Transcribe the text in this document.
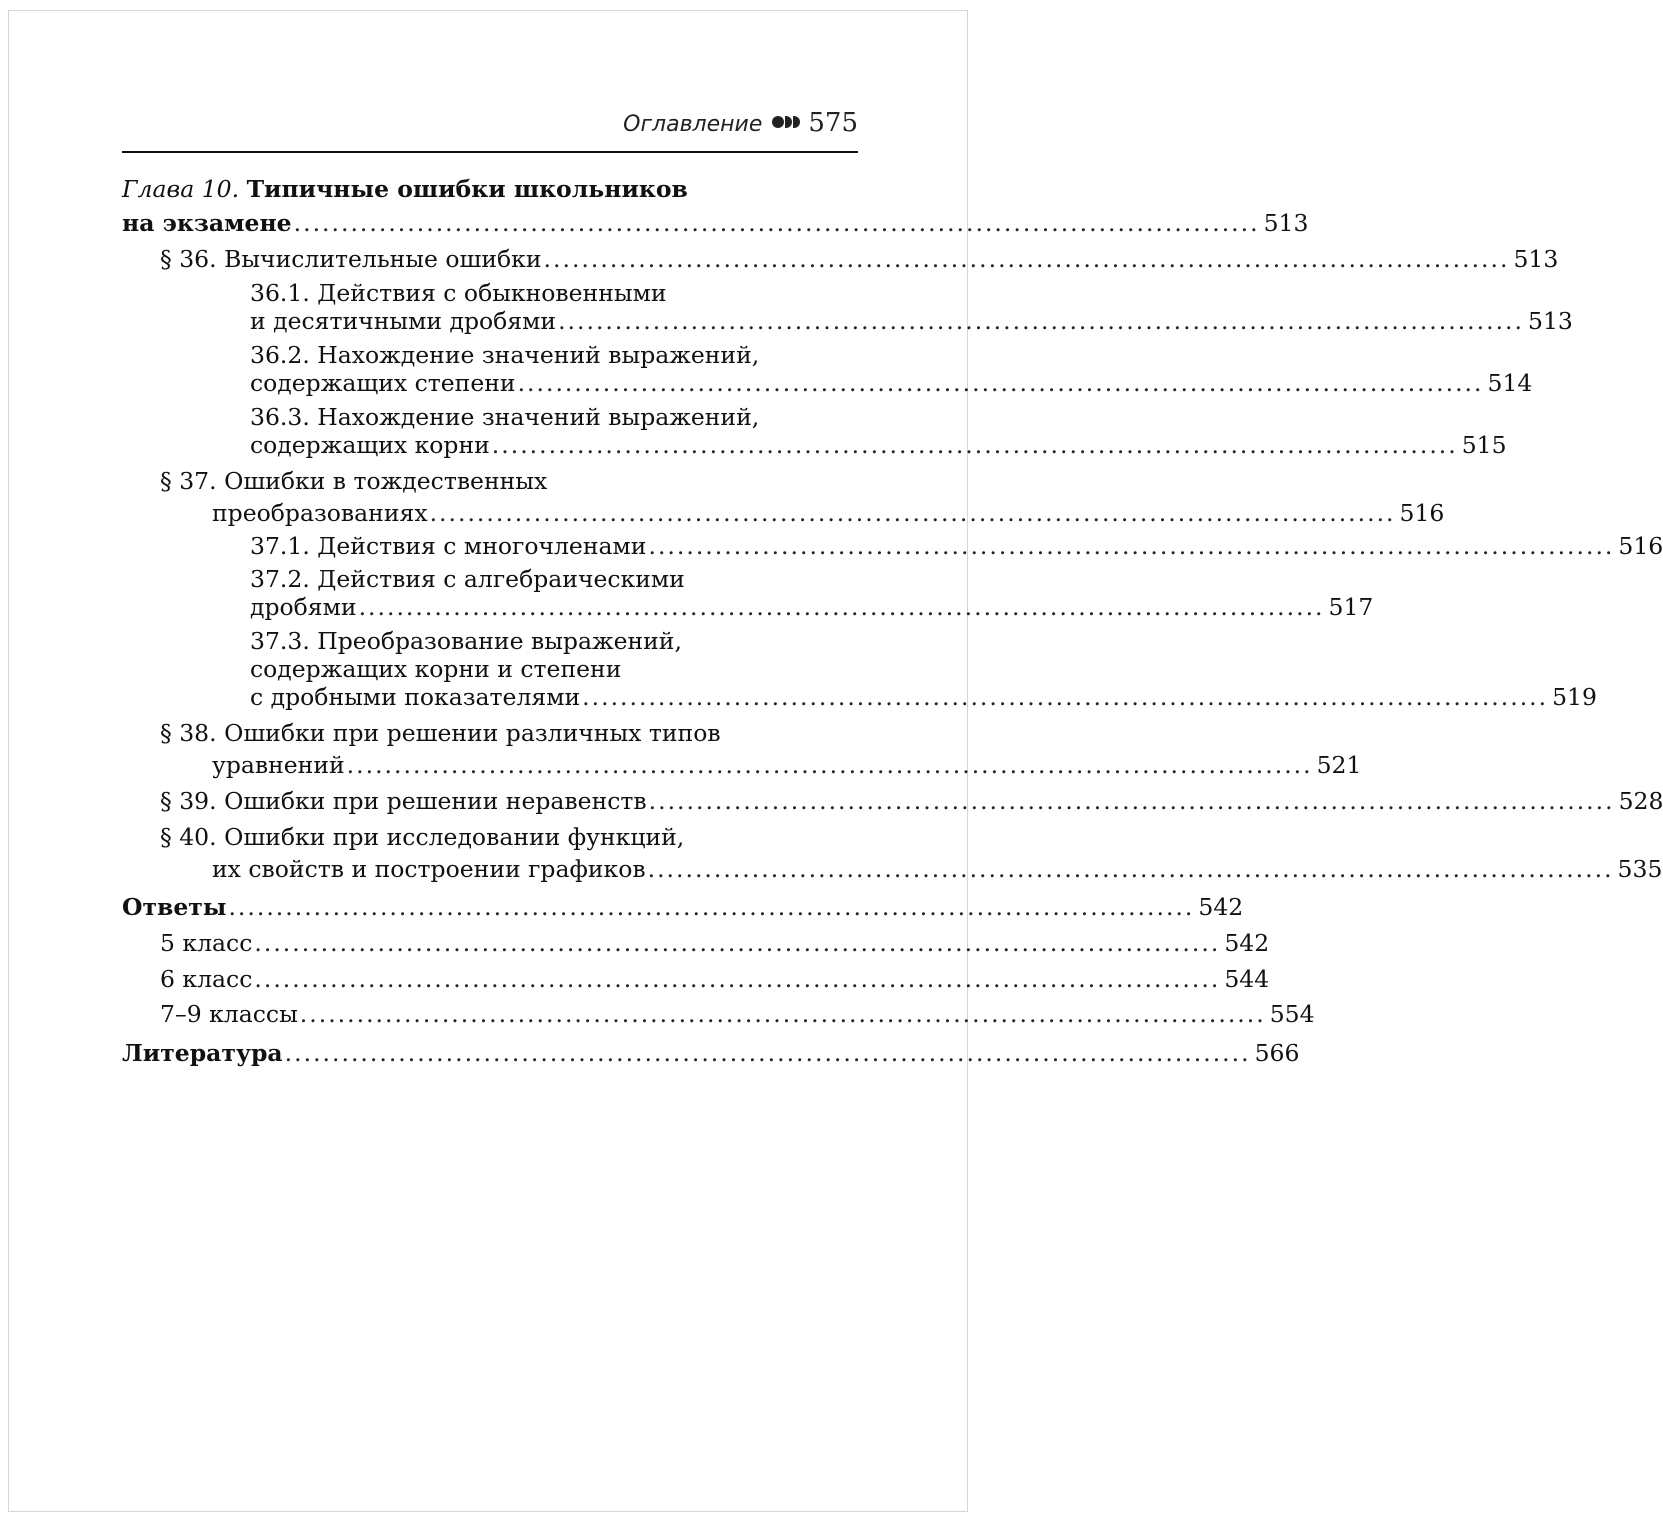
Оглавление 575
Глава 10. Типичные ошибки школьников
на экзамене ...................................................................................................... 513
§ 36. Вычислительные ошибки ...................................................................................................... 513
36.1. Действия с обыкновенными
и десятичными дробями ...................................................................................................... 513
36.2. Нахождение значений выражений,
содержащих степени ...................................................................................................... 514
36.3. Нахождение значений выражений,
содержащих корни ...................................................................................................... 515
§ 37. Ошибки в тождественных
преобразованиях ...................................................................................................... 516
37.1. Действия с многочленами ...................................................................................................... 516
37.2. Действия с алгебраическими
дробями ...................................................................................................... 517
37.3. Преобразование выражений,
содержащих корни и степени
с дробными показателями ...................................................................................................... 519
§ 38. Ошибки при решении различных типов
уравнений ...................................................................................................... 521
§ 39. Ошибки при решении неравенств ...................................................................................................... 528
§ 40. Ошибки при исследовании функций,
их свойств и построении графиков ...................................................................................................... 535
Ответы ...................................................................................................... 542
5 класс ...................................................................................................... 542
6 класс ...................................................................................................... 544
7–9 классы ...................................................................................................... 554
Литература ...................................................................................................... 566
